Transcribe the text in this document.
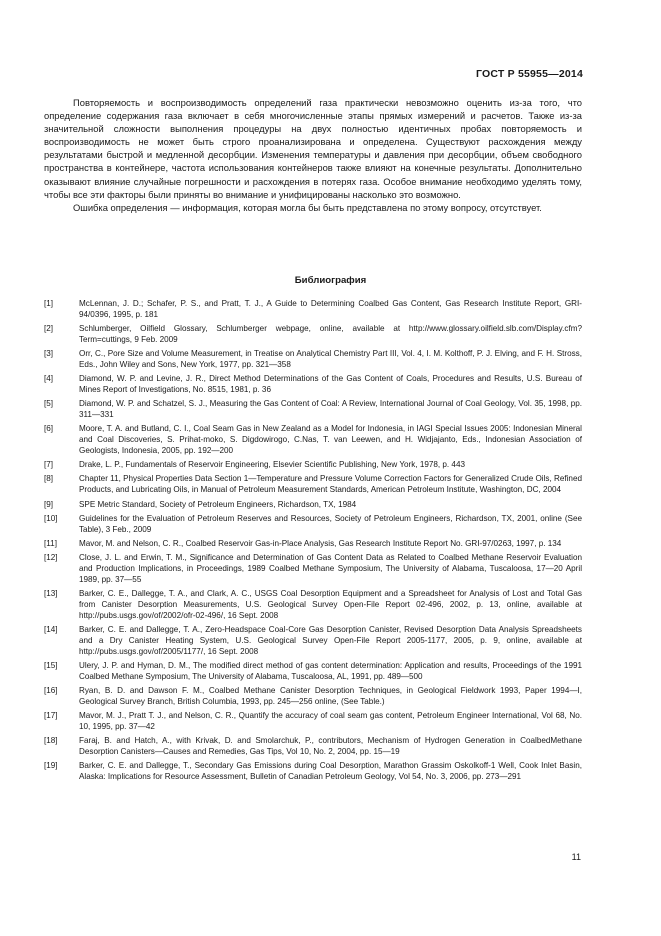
ГОСТ Р 55955—2014

Повторяемость и воспроизводимость определений газа практически невозможно оценить из-за того, что определение содержания газа включает в себя многочисленные этапы прямых измерений и расчетов. Также из-за значительной сложности выполнения процедуры на двух полностью идентичных пробах повторяемость и воспроизводимость не может быть строго проанализирована и определена. Существуют расхождения между результатами быстрой и медленной десорбции. Изменения температуры и давления при десорбции, объем свободного пространства в контейнере, частота использования контейнеров также влияют на конечные результаты. Дополнительно оказывают влияние случайные погрешности и расхождения в потерях газа. Особое внимание необходимо уделять тому, чтобы все эти факторы были приняты во внимание и унифицированы насколько это возможно.

Ошибка определения — информация, которая могла бы быть представлена по этому вопросу, отсутствует.

Библиография
[1]	McLennan, J. D.; Schafer, P. S., and Pratt, T. J., A Guide to Determining Coalbed Gas Content, Gas Research Institute Report, GRI-94/0396, 1995, p. 181
[2]	Schlumberger, Oilfield Glossary, Schlumberger webpage, online, available at http://www.glossary.oilfield.slb.com/Display.cfm?Term=cuttings, 9 Feb. 2009
[3]	Orr, C., Pore Size and Volume Measurement, in Treatise on Analytical Chemistry Part III, Vol. 4, I. M. Kolthoff, P. J. Elving, and F. H. Stross, Eds., John Wiley and Sons, New York, 1977, pp. 321—358
[4]	Diamond, W. P. and Levine, J. R., Direct Method Determinations of the Gas Content of Coals, Procedures and Results, U.S. Bureau of Mines Report of Investigations, No. 8515, 1981, p. 36
[5]	Diamond, W. P. and Schatzel, S. J., Measuring the Gas Content of Coal: A Review, International Journal of Coal Geology, Vol. 35, 1998, pp. 311—331
[6]	Moore, T. A. and Butland, C. I., Coal Seam Gas in New Zealand as a Model for Indonesia, in IAGI Special Issues 2005: Indonesian Mineral and Coal Discoveries, S. Prihat-moko, S. Digdowirogo, C.Nas, T. van Leewen, and H. Widjajanto, Eds., Indonesian Association of Geologists, Indonesia, 2005, pp. 192—200
[7]	Drake, L. P., Fundamentals of Reservoir Engineering, Elsevier Scientific Publishing, New York, 1978, p. 443
[8]	Chapter 11, Physical Properties Data Section 1—Temperature and Pressure Volume Correction Factors for Generalized Crude Oils, Refined Products, and Lubricating Oils, in Manual of Petroleum Measurement Standards, American Petroleum Institute, Washington, DC, 2004
[9]	SPE Metric Standard, Society of Petroleum Engineers, Richardson, TX, 1984
[10]	Guidelines for the Evaluation of Petroleum Reserves and Resources, Society of Petroleum Engineers, Richardson, TX, 2001, online (See Table), 3 Feb., 2009
[11]	Mavor, M. and Nelson, C. R., Coalbed Reservoir Gas-in-Place Analysis, Gas Research Institute Report No. GRI-97/0263, 1997, p. 134
[12]	Close, J. L. and Erwin, T. M., Significance and Determination of Gas Content Data as Related to Coalbed Methane Reservoir Evaluation and Production Implications, in Proceedings, 1989 Coalbed Methane Symposium, The University of Alabama, Tuscaloosa, 17—20 April 1989, pp. 37—55
[13]	Barker, C. E., Dallegge, T. A., and Clark, A. C., USGS Coal Desorption Equipment and a Spreadsheet for Analysis of Lost and Total Gas from Canister Desorption Measurements, U.S. Geological Survey Open-File Report 02-496, 2002, p. 13, online, available at http://pubs.usgs.gov/of/2002/ofr-02-496/, 16 Sept. 2008
[14]	Barker, C. E. and Dallegge, T. A., Zero-Headspace Coal-Core Gas Desorption Canister, Revised Desorption Data Analysis Spreadsheets and a Dry Canister Heating System, U.S. Geological Survey Open-File Report 2005-1177, 2005, p. 9, online, available at http://pubs.usgs.gov/of/2005/1177/, 16 Sept. 2008
[15]	Ulery, J. P. and Hyman, D. M., The modified direct method of gas content determination: Application and results, Proceedings of the 1991 Coalbed Methane Symposium, The University of Alabama, Tuscaloosa, AL, 1991, pp. 489—500
[16]	Ryan, B. D. and Dawson F. M., Coalbed Methane Canister Desorption Techniques, in Geological Fieldwork 1993, Paper 1994—I, Geological Survey Branch, British Columbia, 1993, pp. 245—256 online, (See Table.)
[17]	Mavor, M. J., Pratt T. J., and Nelson, C. R., Quantify the accuracy of coal seam gas content, Petroleum Engineer International, Vol 68, No. 10, 1995, pp. 37—42
[18]	Faraj, B. and Hatch, A., with Krivak, D. and Smolarchuk, P., contributors, Mechanism of Hydrogen Generation in CoalbedMethane Desorption Canisters—Causes and Remedies, Gas Tips, Vol 10, No. 2, 2004, pp. 15—19
[19]	Barker, C. E. and Dallegge, T., Secondary Gas Emissions during Coal Desorption, Marathon Grassim Oskolkoff-1 Well, Cook Inlet Basin, Alaska: Implications for Resource Assessment, Bulletin of Canadian Petroleum Geology, Vol 54, No. 3, 2006, pp. 273—291
11
